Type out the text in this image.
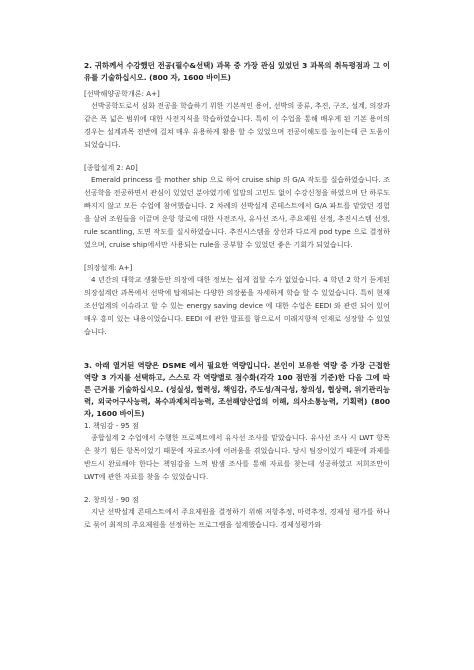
2. 귀하께서 수강했던 전공(필수&선택) 과목 중 가장 관심 있었던 3 과목의 취득평점과 그 이유를 기술하십시오. (800 자, 1600 바이트)

[선박해양공학개론: A+]

선박공학도로서 심화 전공을 학습하기 위한 기본적인 용어, 선박의 종류, 추진, 구조, 설계, 의장과 같은 폭 넓은 범위에 대한 사전지식을 학습하였습니다. 특히 이 수업을 통해 배우게 된 기본 용어의 경우는 설계과목 전반에 걸쳐 매우 유용하게 활용 할 수 있었으며 전공이해도를 높이는데 큰 도움이 되었습니다.

[종합설계 2: A0]

Emerald princess 를 mother ship 으로 하여 cruise ship 의 G/A 작도를 실습하였습니다. 조선공학을 전공하면서 관심이 있었던 분야였기에 일말의 고민도 없이 수강신청을 하였으며 단 하루도 빠지지 않고 모든 수업에 참여했습니다. 2 차례의 선박설계 콘테스트에서 G/A 파트를 맡았던 경험을 살려 조원들을 이끌며 운항 항로에 대한 사전조사, 유사선 조사, 주요제원 선정, 추진시스템 선정, rule scantling, 도면 작도를 실시하였습니다. 추진시스템을 상선과 다르게 pod type 으로 결정하였으며, cruise ship에서만 사용되는 rule을 공부할 수 있었던 좋은 기회가 되었습니다.

[의장설계: A+]

4 년간의 대학교 생활동안 의장에 대한 정보는 쉽게 접할 수가 없었습니다. 4 학년 2 학기 듣게된 의장설계란 과목에서 선박에 탑재되는 다양한 의장품을 자세하게 학습 할 수 있었습니다. 특히 현재 조선업계의 이슈라고 할 수 있는 energy saving device 에 대한 수업은 EEDI 와 관련 되어 있어 매우 흥미 있는 내용이었습니다. EEDI 에 관한 발표를 함으로서 미래지향적 인재로 성장할 수 있었습니다.

3. 아래 열거된 역량은 DSME 에서 필요한 역량입니다. 본인이 보유한 역량 중 가장 근접한 역량 3 가지를 선택하고, 스스로 각 역량별로 점수화(각각 100 점만점 기준)한 다음 그에 따른 근거를 기술하십시오. (성실성, 협력성, 책임감, 주도성/적극성, 창의성, 협상력, 위기관리능력, 외국어구사능력, 복수과제처리능력, 조선해양산업의 이해, 의사소통능력, 기획력) (800 자, 1600 바이트)

1. 책임감 - 95 점

종합설계 2 수업에서 수행한 프로젝트에서 유사선 조사를 맡았습니다. 유사선 조사 시 LWT 항목은 찾기 힘든 항목이었기 때문에 자료조사에 어려움을 겪었습니다. 당시 팀장이었기 때문에 과제를 반드시 완료해야 한다는 책임감을 느껴 밤샘 조사를 통해 자료를 찾는데 성공하였고 저희조만이 LWT에 관한 자료를 찾을 수 있었습니다.

2. 창의성 - 90 점

지난 선박설계 콘테스트에서 주요제원을 결정하기 위해 저항추정, 마력추정, 경제성 평가를 하나로 묶어 최적의 주요제원을 선정하는 프로그램을 설계했습니다. 경제성평가와
